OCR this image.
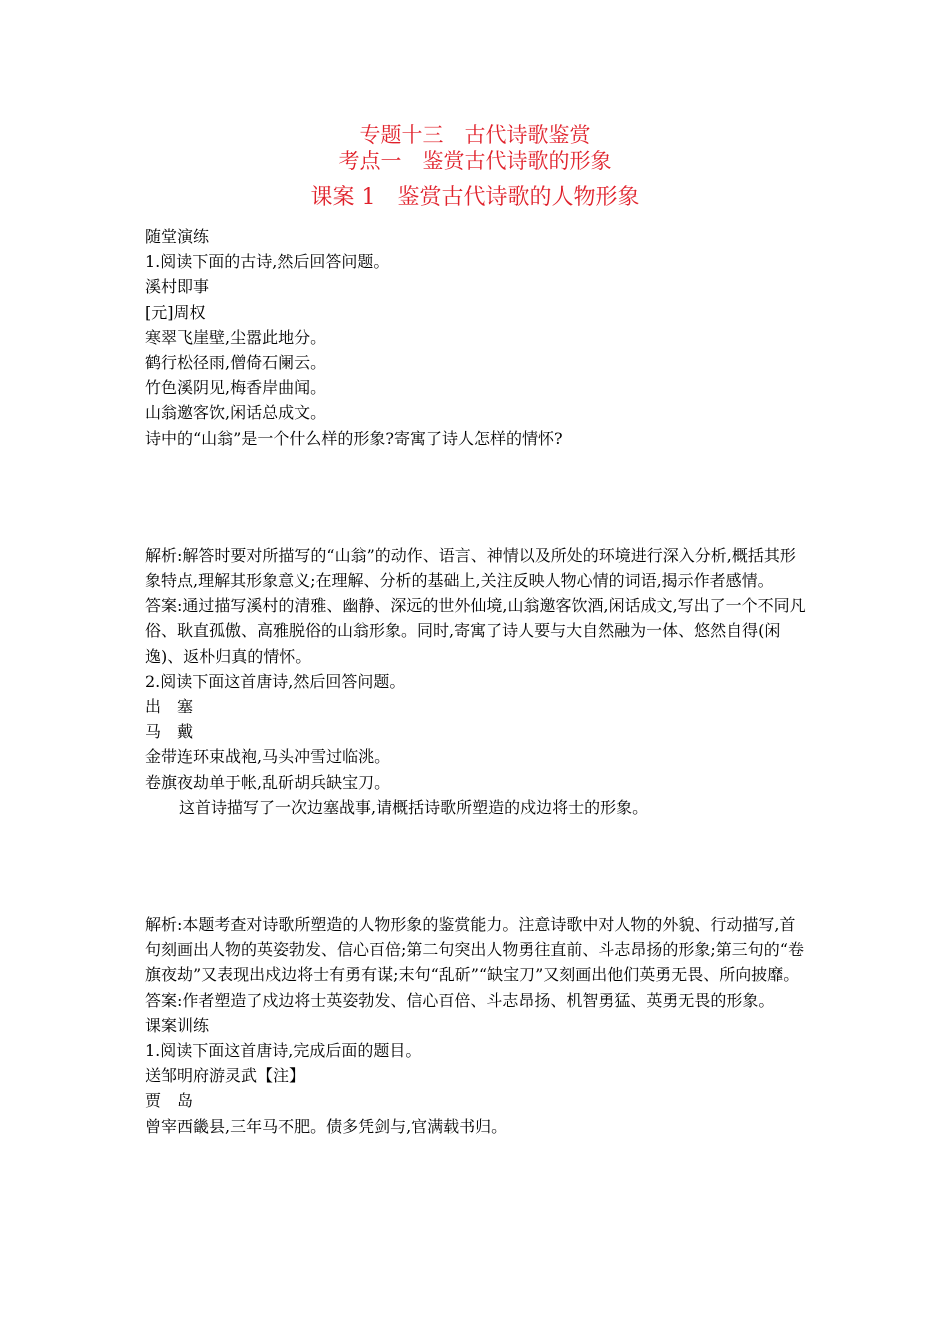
专题十三　古代诗歌鉴赏
考点一　鉴赏古代诗歌的形象
课案 1　鉴赏古代诗歌的人物形象

随堂演练

1.阅读下面的古诗,然后回答问题。

溪村即事

[元]周权

寒翠飞崖壁,尘嚣此地分。

鹤行松径雨,僧倚石阑云。

竹色溪阴见,梅香岸曲闻。

山翁邀客饮,闲话总成文。

诗中的“山翁”是一个什么样的形象?寄寓了诗人怎样的情怀?

解析:解答时要对所描写的“山翁”的动作、语言、神情以及所处的环境进行深入分析,概括其形象特点,理解其形象意义;在理解、分析的基础上,关注反映人物心情的词语,揭示作者感情。

答案:通过描写溪村的清雅、幽静、深远的世外仙境,山翁邀客饮酒,闲话成文,写出了一个不同凡俗、耿直孤傲、高雅脱俗的山翁形象。同时,寄寓了诗人要与大自然融为一体、悠然自得(闲逸)、返朴归真的情怀。

2.阅读下面这首唐诗,然后回答问题。

出　塞

马　戴

金带连环束战袍,马头冲雪过临洮。

卷旗夜劫单于帐,乱斫胡兵缺宝刀。

这首诗描写了一次边塞战事,请概括诗歌所塑造的戍边将士的形象。

解析:本题考查对诗歌所塑造的人物形象的鉴赏能力。注意诗歌中对人物的外貌、行动描写,首句刻画出人物的英姿勃发、信心百倍;第二句突出人物勇往直前、斗志昂扬的形象;第三句的“卷旗夜劫”又表现出戍边将士有勇有谋;末句“乱斫”“缺宝刀”又刻画出他们英勇无畏、所向披靡。

答案:作者塑造了戍边将士英姿勃发、信心百倍、斗志昂扬、机智勇猛、英勇无畏的形象。

课案训练

1.阅读下面这首唐诗,完成后面的题目。

送邹明府游灵武【注】

贾　岛

曾宰西畿县,三年马不肥。债多凭剑与,官满载书归。
